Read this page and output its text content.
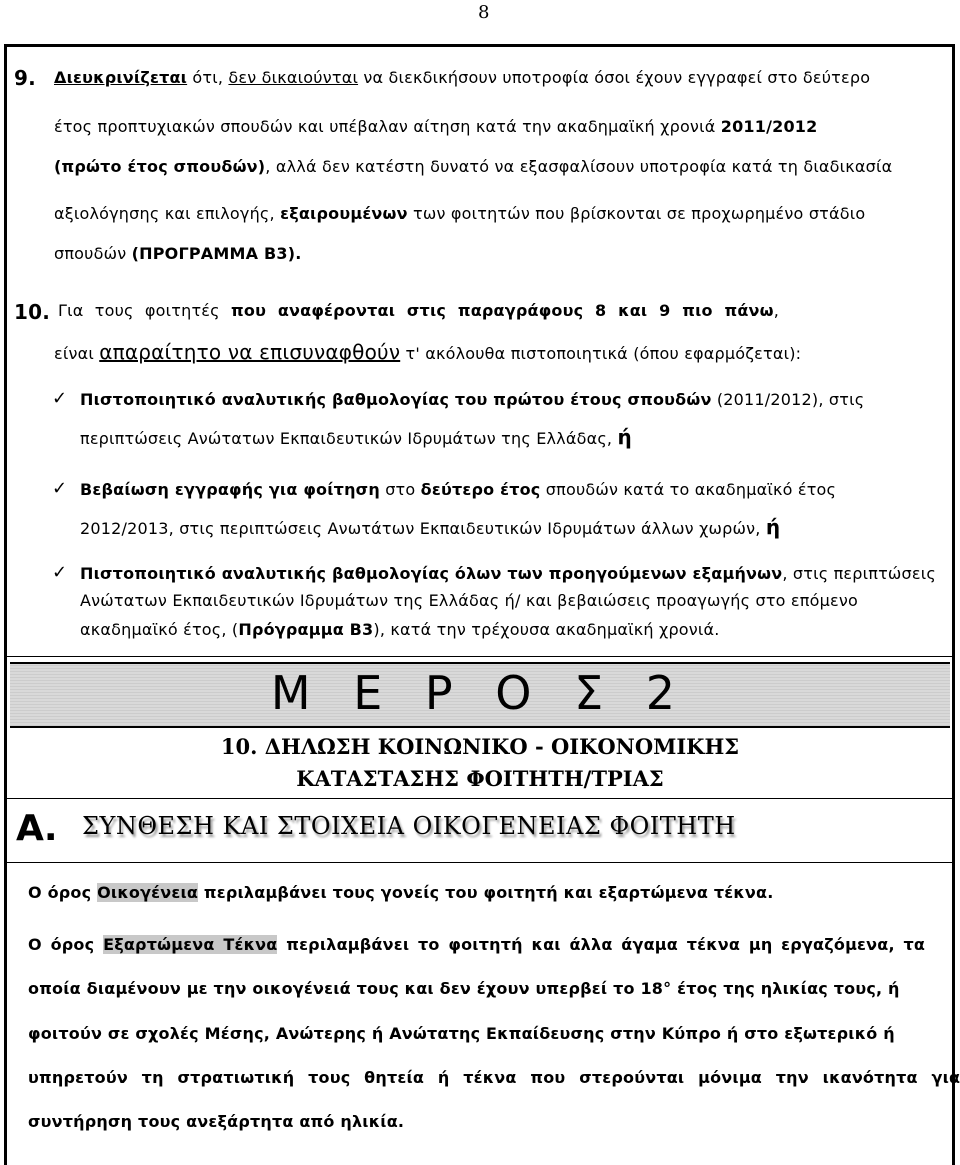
8
9. Διευκρινίζεται ότι, δεν δικαιούνται να διεκδικήσουν υποτροφία όσοι έχουν εγγραφεί στο δεύτερο
έτος προπτυχιακών σπουδών και υπέβαλαν αίτηση κατά την ακαδημαϊκή χρονιά 2011/2012
(πρώτο έτος σπουδών), αλλά δεν κατέστη δυνατό να εξασφαλίσουν υποτροφία κατά τη διαδικασία
αξιολόγησης και επιλογής, εξαιρουμένων των φοιτητών που βρίσκονται σε προχωρημένο στάδιο
σπουδών (ΠΡΟΓΡΑΜΜΑ Β3).
10. Για τους φοιτητές που αναφέρονται στις παραγράφους 8 και 9 πιο πάνω,
είναι απαραίτητο να επισυναφθούν τ' ακόλουθα πιστοποιητικά (όπου εφαρμόζεται):
✓ Πιστοποιητικό αναλυτικής βαθμολογίας του πρώτου έτους σπουδών (2011/2012), στις
περιπτώσεις Ανώτατων Εκπαιδευτικών Ιδρυμάτων της Ελλάδας, ή
✓ Βεβαίωση εγγραφής για φοίτηση στο δεύτερο έτος σπουδών κατά το ακαδημαϊκό έτος
2012/2013, στις περιπτώσεις Ανωτάτων Εκπαιδευτικών Ιδρυμάτων άλλων χωρών, ή
✓ Πιστοποιητικό αναλυτικής βαθμολογίας όλων των προηγούμενων εξαμήνων, στις περιπτώσεις
Ανώτατων Εκπαιδευτικών Ιδρυμάτων της Ελλάδας ή/ και βεβαιώσεις προαγωγής στο επόμενο
ακαδημαϊκό έτος, (Πρόγραμμα Β3), κατά την τρέχουσα ακαδημαϊκή χρονιά.
Μ Ε Ρ Ο Σ 2
10. ΔΗΛΩΣΗ ΚΟΙΝΩΝΙΚΟ - ΟΙΚΟΝΟΜΙΚΗΣ
ΚΑΤΑΣΤΑΣΗΣ ΦΟΙΤΗΤΗ/ΤΡΙΑΣ
Α. ΣΥΝΘΕΣΗ ΚΑΙ ΣΤΟΙΧΕΙΑ ΟΙΚΟΓΕΝΕΙΑΣ ΦΟΙΤΗΤΗ
Ο όρος Οικογένεια περιλαμβάνει τους γονείς του φοιτητή και εξαρτώμενα τέκνα.
Ο όρος Εξαρτώμενα Τέκνα περιλαμβάνει το φοιτητή και άλλα άγαμα τέκνα μη εργαζόμενα, τα
οποία διαμένουν με την οικογένειά τους και δεν έχουν υπερβεί το 18° έτος της ηλικίας τους, ή
φοιτούν σε σχολές Μέσης, Ανώτερης ή Ανώτατης Εκπαίδευσης στην Κύπρο ή στο εξωτερικό ή
υπηρετούν τη στρατιωτική τους θητεία ή τέκνα που στερούνται μόνιμα την ικανότητα για
συντήρηση τους ανεξάρτητα από ηλικία.
